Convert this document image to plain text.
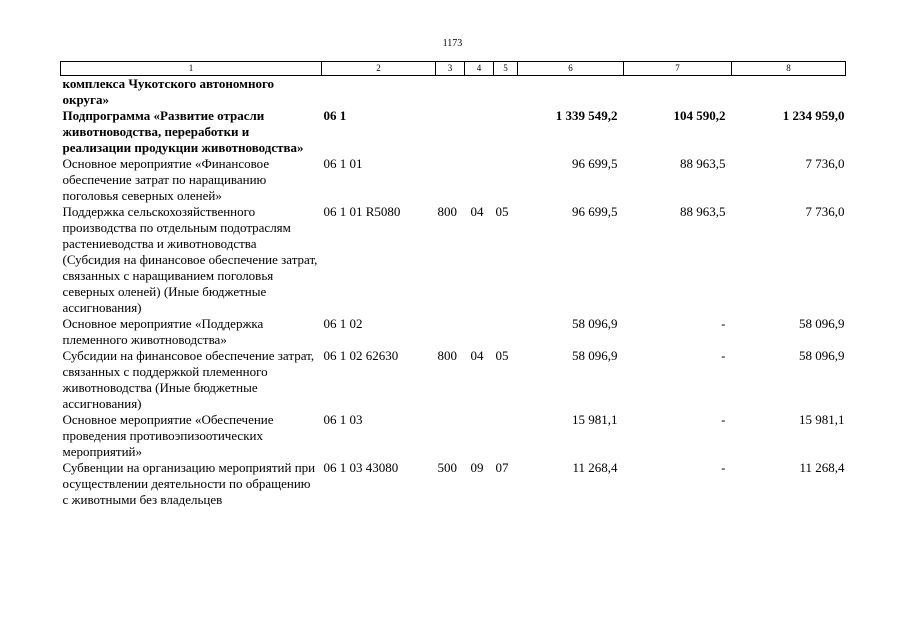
1173
1	2	3	4	5	6	7	8
комплекса Чукотского автономного округа»							
Подпрограмма «Развитие отрасли животноводства, переработки и реализации продукции животноводства»	06 1				1 339 549,2	104 590,2	1 234 959,0
Основное мероприятие «Финансовое обеспечение затрат по наращиванию поголовья северных оленей»	06 1 01				96 699,5	88 963,5	7 736,0
Поддержка сельскохозяйственного производства по отдельным подотраслям растениеводства и животноводства (Субсидия на финансовое обеспечение затрат, связанных с наращиванием поголовья северных оленей) (Иные бюджетные ассигнования)	06 1 01 R5080	800	04	05	96 699,5	88 963,5	7 736,0
Основное мероприятие «Поддержка племенного животноводства»	06 1 02				58 096,9	-	58 096,9
Субсидии на финансовое обеспечение затрат, связанных с поддержкой племенного животноводства (Иные бюджетные ассигнования)	06 1 02 62630	800	04	05	58 096,9	-	58 096,9
Основное мероприятие «Обеспечение проведения противоэпизоотических мероприятий»	06 1 03				15 981,1	-	15 981,1
Субвенции на организацию мероприятий при осуществлении деятельности по обращению с животными без владельцев	06 1 03 43080	500	09	07	11 268,4	-	11 268,4
